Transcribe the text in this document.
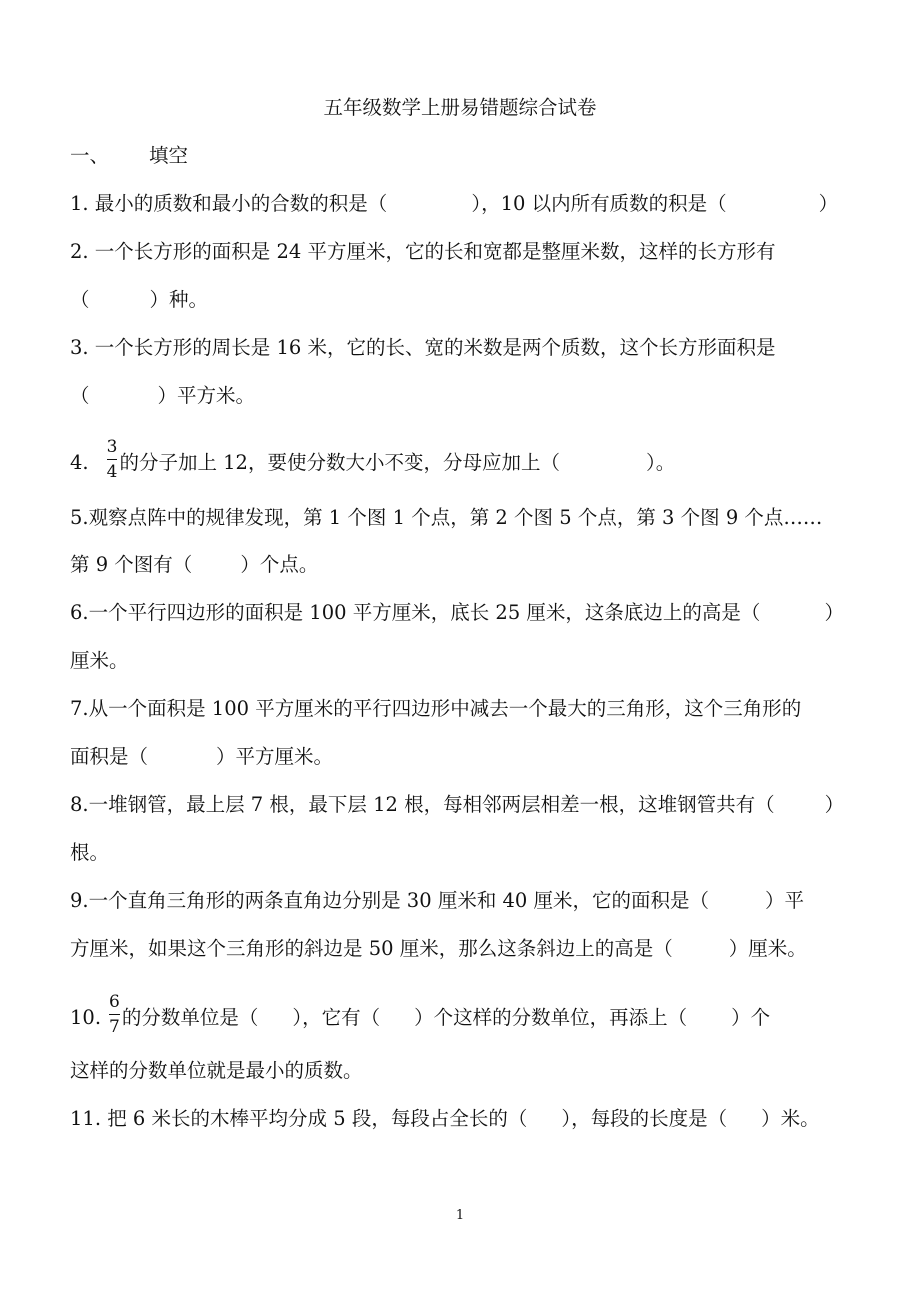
五年级数学上册易错题综合试卷
一、 填空
1. 最小的质数和最小的合数的积是（	），10 以内所有质数的积是（	）
2. 一个长方形的面积是 24 平方厘米，它的长和宽都是整厘米数，这样的长方形有
（	）种。
3. 一个长方形的周长是 16 米，它的长、宽的米数是两个质数，这个长方形面积是
（	）平方米。
4. $\frac{3}{4}$ 的分子加上 12，要使分数大小不变，分母应加上（	）。
5.观察点阵中的规律发现，第 1 个图 1 个点，第 2 个图 5 个点，第 3 个图 9 个点……
第 9 个图有（ ）个点。
6.一个平行四边形的面积是 100 平方厘米，底长 25 厘米，这条底边上的高是（	）
厘米。
7.从一个面积是 100 平方厘米的平行四边形中减去一个最大的三角形，这个三角形的
面积是（	）平方厘米。
8.一堆钢管，最上层 7 根，最下层 12 根，每相邻两层相差一根，这堆钢管共有（	）
根。
9.一个直角三角形的两条直角边分别是 30 厘米和 40 厘米，它的面积是（	）平
方厘米，如果这个三角形的斜边是 50 厘米，那么这条斜边上的高是（	）厘米。
10. $\frac{6}{7}$ 的分数单位是（ ），它有（ ）个这样的分数单位，再添上（ ）个
这样的分数单位就是最小的质数。
11. 把 6 米长的木棒平均分成 5 段，每段占全长的（ ），每段的长度是（ ）米。
1
